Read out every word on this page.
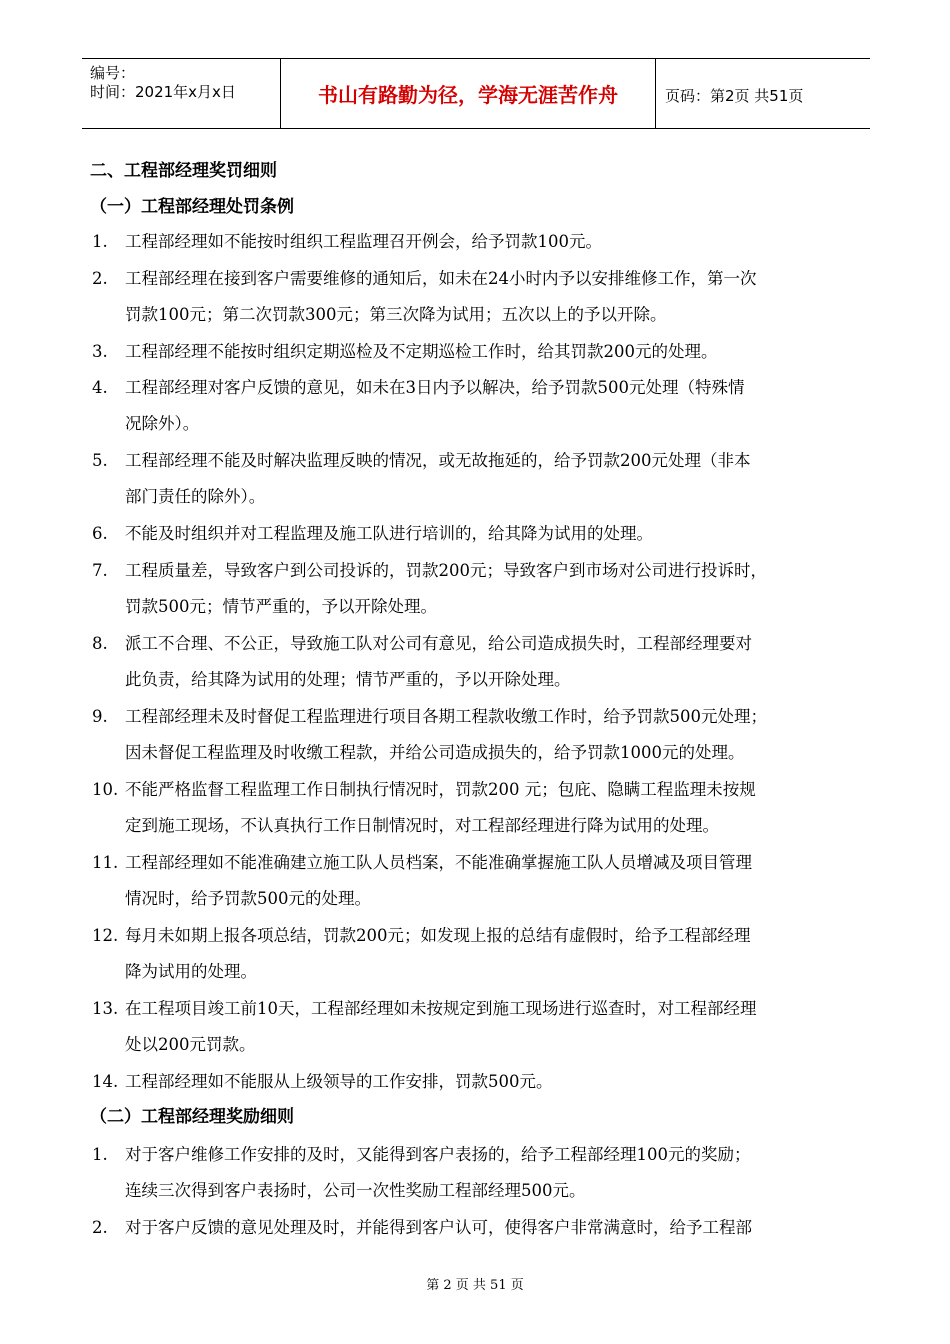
编号：
时间：2021年x月x日	书山有路勤为径，学海无涯苦作舟	页码：第2页 共51页
二、工程部经理奖罚细则
（一）工程部经理处罚条例
1. 工程部经理如不能按时组织工程监理召开例会，给予罚款100元。
2. 工程部经理在接到客户需要维修的通知后，如未在24小时内予以安排维修工作，第一次
罚款100元；第二次罚款300元；第三次降为试用；五次以上的予以开除。
3. 工程部经理不能按时组织定期巡检及不定期巡检工作时，给其罚款200元的处理。
4. 工程部经理对客户反馈的意见，如未在3日内予以解决，给予罚款500元处理（特殊情
况除外）。
5. 工程部经理不能及时解决监理反映的情况，或无故拖延的，给予罚款200元处理（非本
部门责任的除外）。
6. 不能及时组织并对工程监理及施工队进行培训的，给其降为试用的处理。
7. 工程质量差，导致客户到公司投诉的，罚款200元；导致客户到市场对公司进行投诉时，
罚款500元；情节严重的，予以开除处理。
8. 派工不合理、不公正，导致施工队对公司有意见，给公司造成损失时，工程部经理要对
此负责，给其降为试用的处理；情节严重的，予以开除处理。
9. 工程部经理未及时督促工程监理进行项目各期工程款收缴工作时，给予罚款500元处理；
因未督促工程监理及时收缴工程款，并给公司造成损失的，给予罚款1000元的处理。
10. 不能严格监督工程监理工作日制执行情况时，罚款200 元；包庇、隐瞒工程监理未按规
定到施工现场，不认真执行工作日制情况时，对工程部经理进行降为试用的处理。
11. 工程部经理如不能准确建立施工队人员档案，不能准确掌握施工队人员增减及项目管理
情况时，给予罚款500元的处理。
12. 每月未如期上报各项总结，罚款200元；如发现上报的总结有虚假时，给予工程部经理
降为试用的处理。
13. 在工程项目竣工前10天，工程部经理如未按规定到施工现场进行巡查时，对工程部经理
处以200元罚款。
14. 工程部经理如不能服从上级领导的工作安排，罚款500元。
（二）工程部经理奖励细则
1. 对于客户维修工作安排的及时，又能得到客户表扬的，给予工程部经理100元的奖励；
连续三次得到客户表扬时，公司一次性奖励工程部经理500元。
2. 对于客户反馈的意见处理及时，并能得到客户认可，使得客户非常满意时，给予工程部
第 2 页 共 51 页
